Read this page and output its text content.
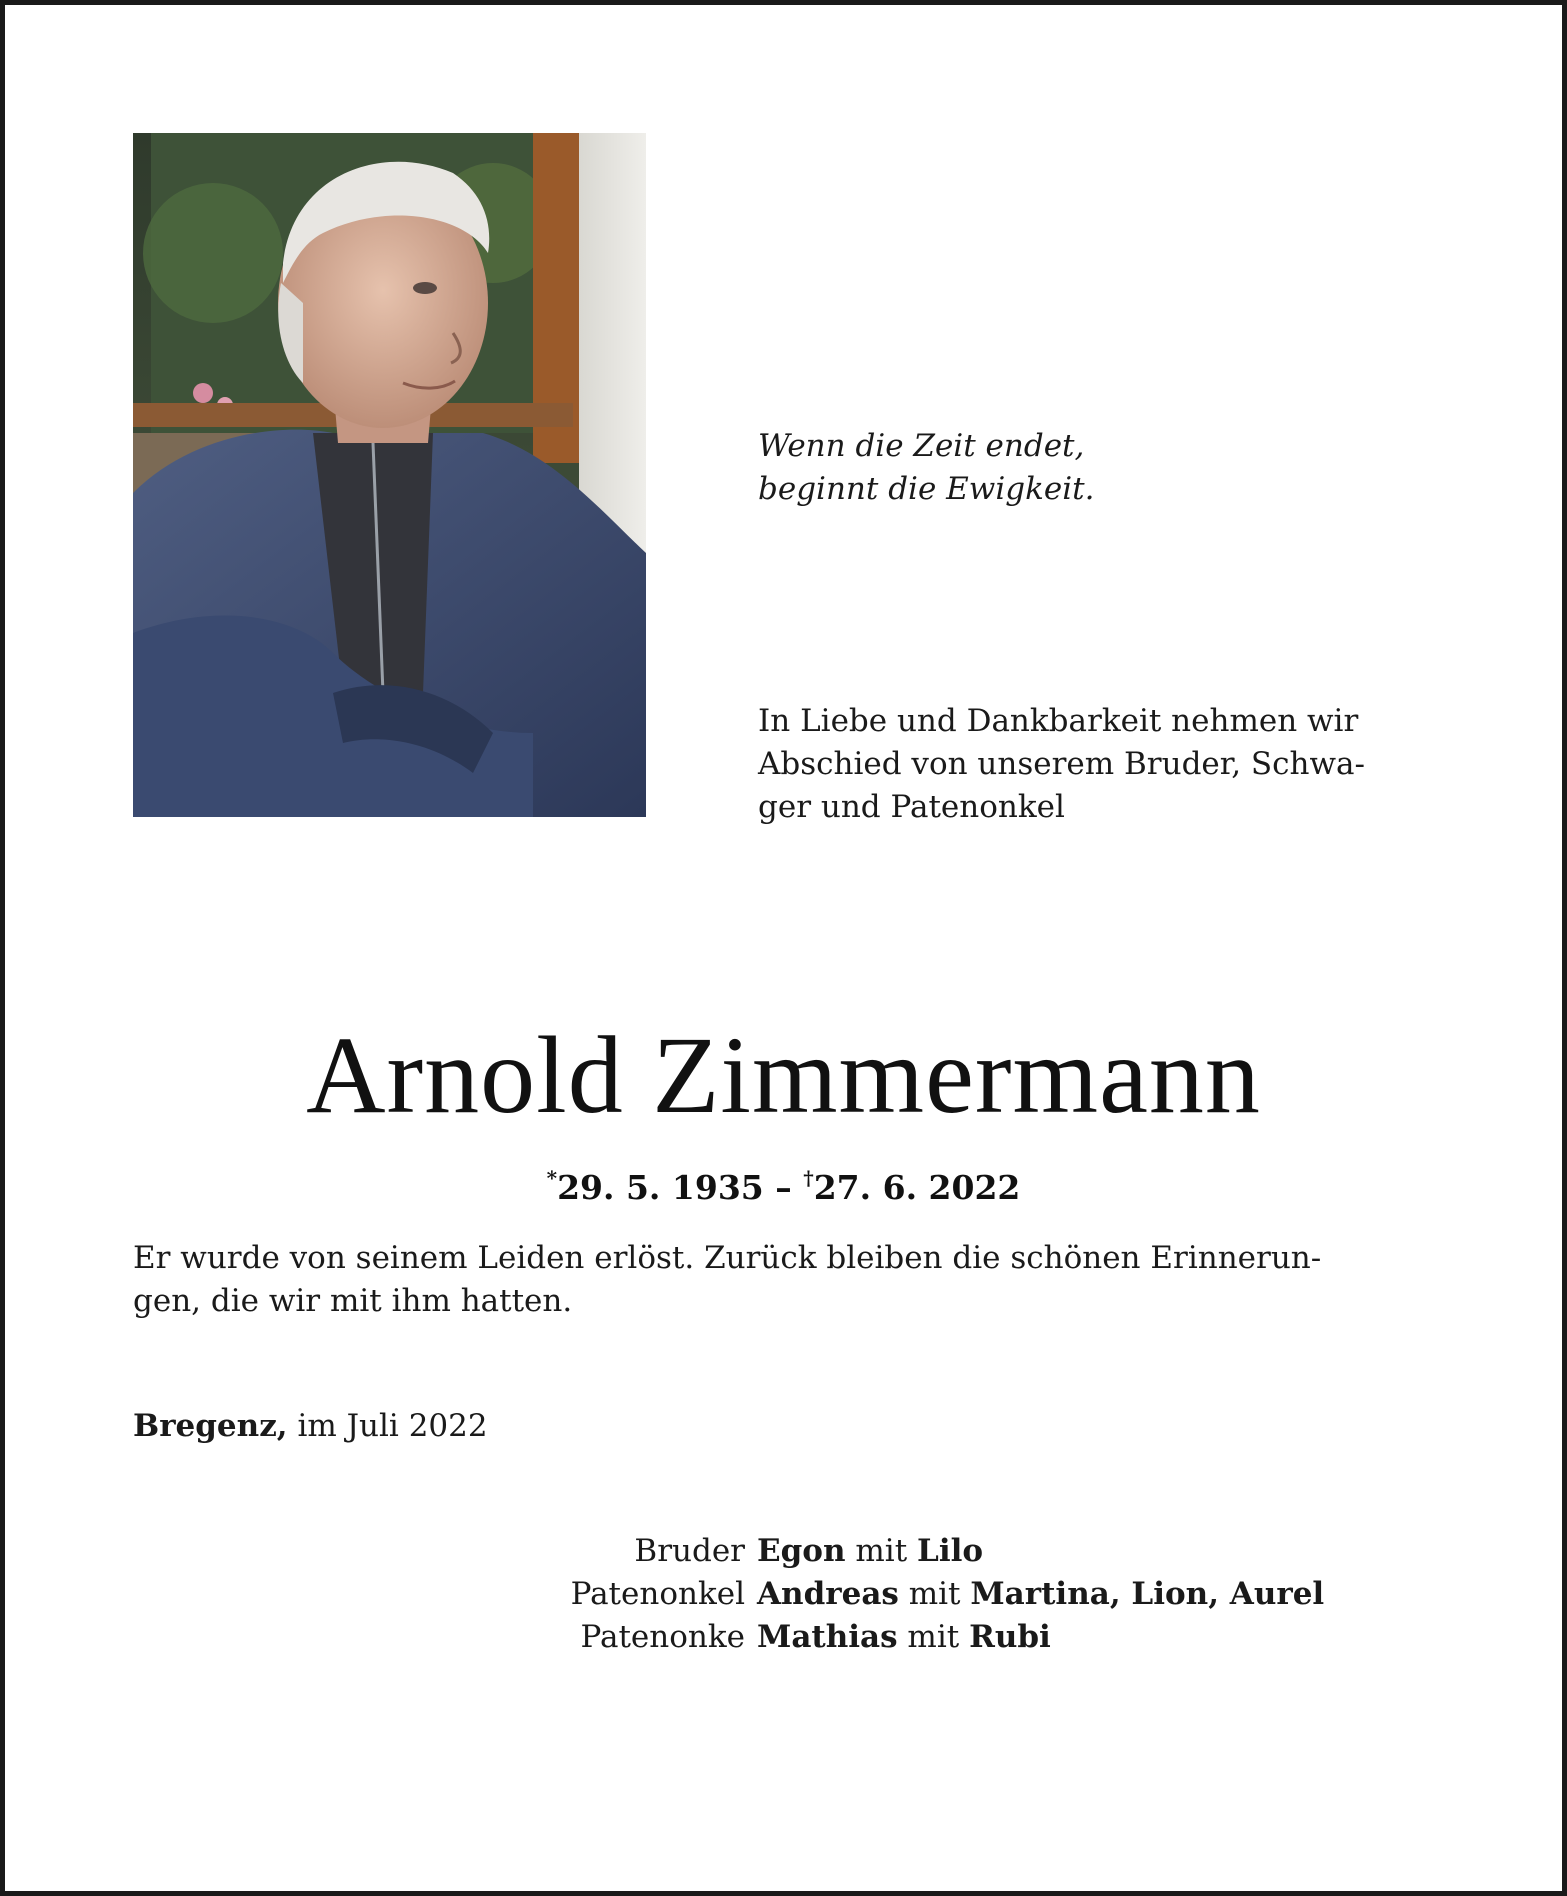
Wenn die Zeit endet,
beginnt die Ewigkeit.
In Liebe und Dankbarkeit nehmen wir
Abschied von unserem Bruder, Schwa-
ger und Patenonkel
Arnold Zimmermann
*29. 5. 1935 – †27. 6. 2022
Er wurde von seinem Leiden erlöst. Zurück bleiben die schönen Erinnerun-
gen, die wir mit ihm hatten.
Bregenz, im Juli 2022
Bruder Egon mit Lilo
Patenonkel Andreas mit Martina, Lion, Aurel
Patenonke Mathias mit Rubi
